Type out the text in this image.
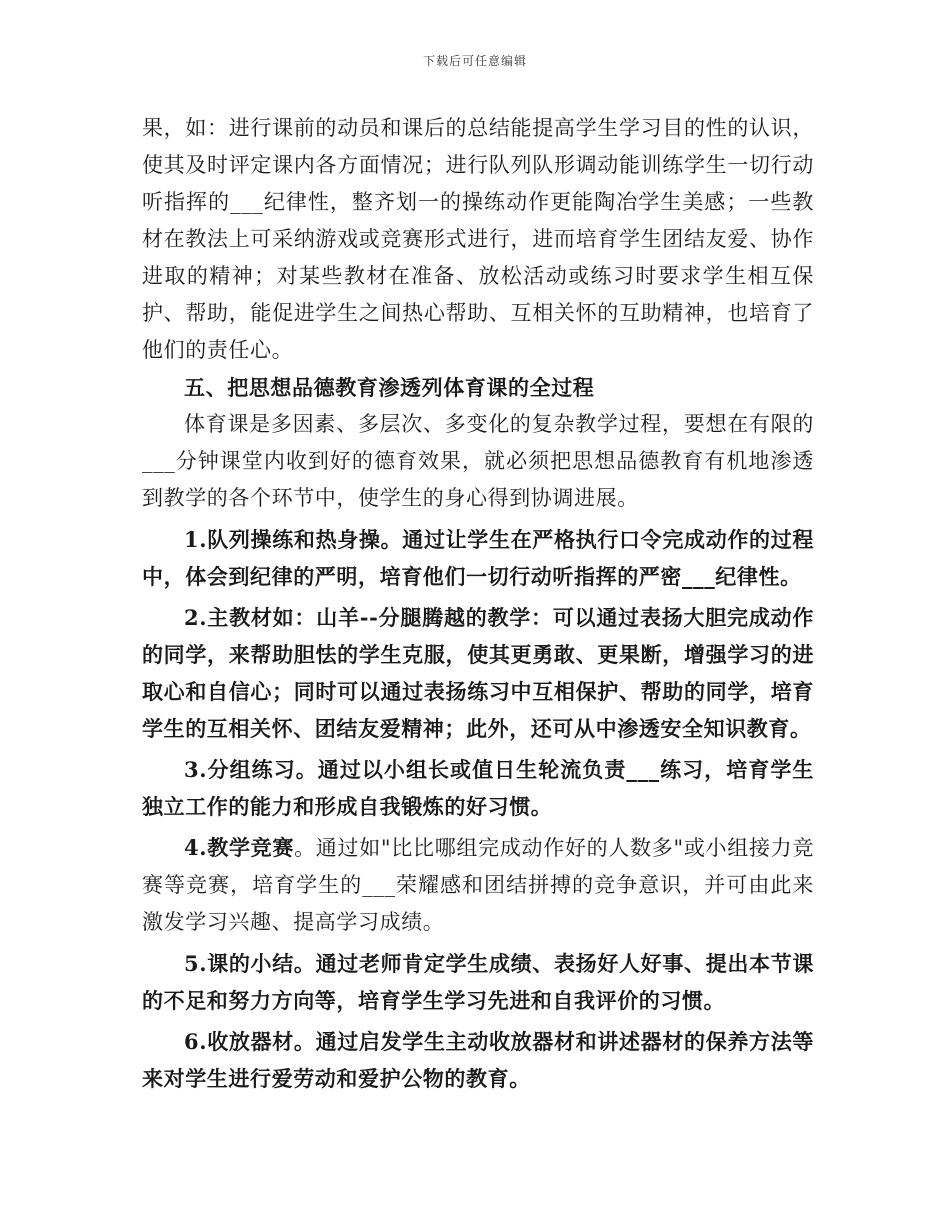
下载后可任意编辑

果，如：进行课前的动员和课后的总结能提高学生学习目的性的认识，使其及时评定课内各方面情况；进行队列队形调动能训练学生一切行动听指挥的___纪律性，整齐划一的操练动作更能陶冶学生美感；一些教材在教法上可采纳游戏或竞赛形式进行，进而培育学生团结友爱、协作进取的精神；对某些教材在准备、放松活动或练习时要求学生相互保护、帮助，能促进学生之间热心帮助、互相关怀的互助精神，也培育了他们的责任心。

五、把思想品德教育渗透列体育课的全过程

体育课是多因素、多层次、多变化的复杂教学过程，要想在有限的___分钟课堂内收到好的德育效果，就必须把思想品德教育有机地渗透到教学的各个环节中，使学生的身心得到协调进展。

1.队列操练和热身操。通过让学生在严格执行口令完成动作的过程中，体会到纪律的严明，培育他们一切行动听指挥的严密___纪律性。

2.主教材如：山羊--分腿腾越的教学：可以通过表扬大胆完成动作的同学，来帮助胆怯的学生克服，使其更勇敢、更果断，增强学习的进取心和自信心；同时可以通过表扬练习中互相保护、帮助的同学，培育学生的互相关怀、团结友爱精神；此外，还可从中渗透安全知识教育。

3.分组练习。通过以小组长或值日生轮流负责___练习，培育学生独立工作的能力和形成自我锻炼的好习惯。

4.教学竞赛。通过如"比比哪组完成动作好的人数多"或小组接力竞赛等竞赛，培育学生的___荣耀感和团结拼搏的竞争意识，并可由此来激发学习兴趣、提高学习成绩。

5.课的小结。通过老师肯定学生成绩、表扬好人好事、提出本节课的不足和努力方向等，培育学生学习先进和自我评价的习惯。

6.收放器材。通过启发学生主动收放器材和讲述器材的保养方法等来对学生进行爱劳动和爱护公物的教育。
